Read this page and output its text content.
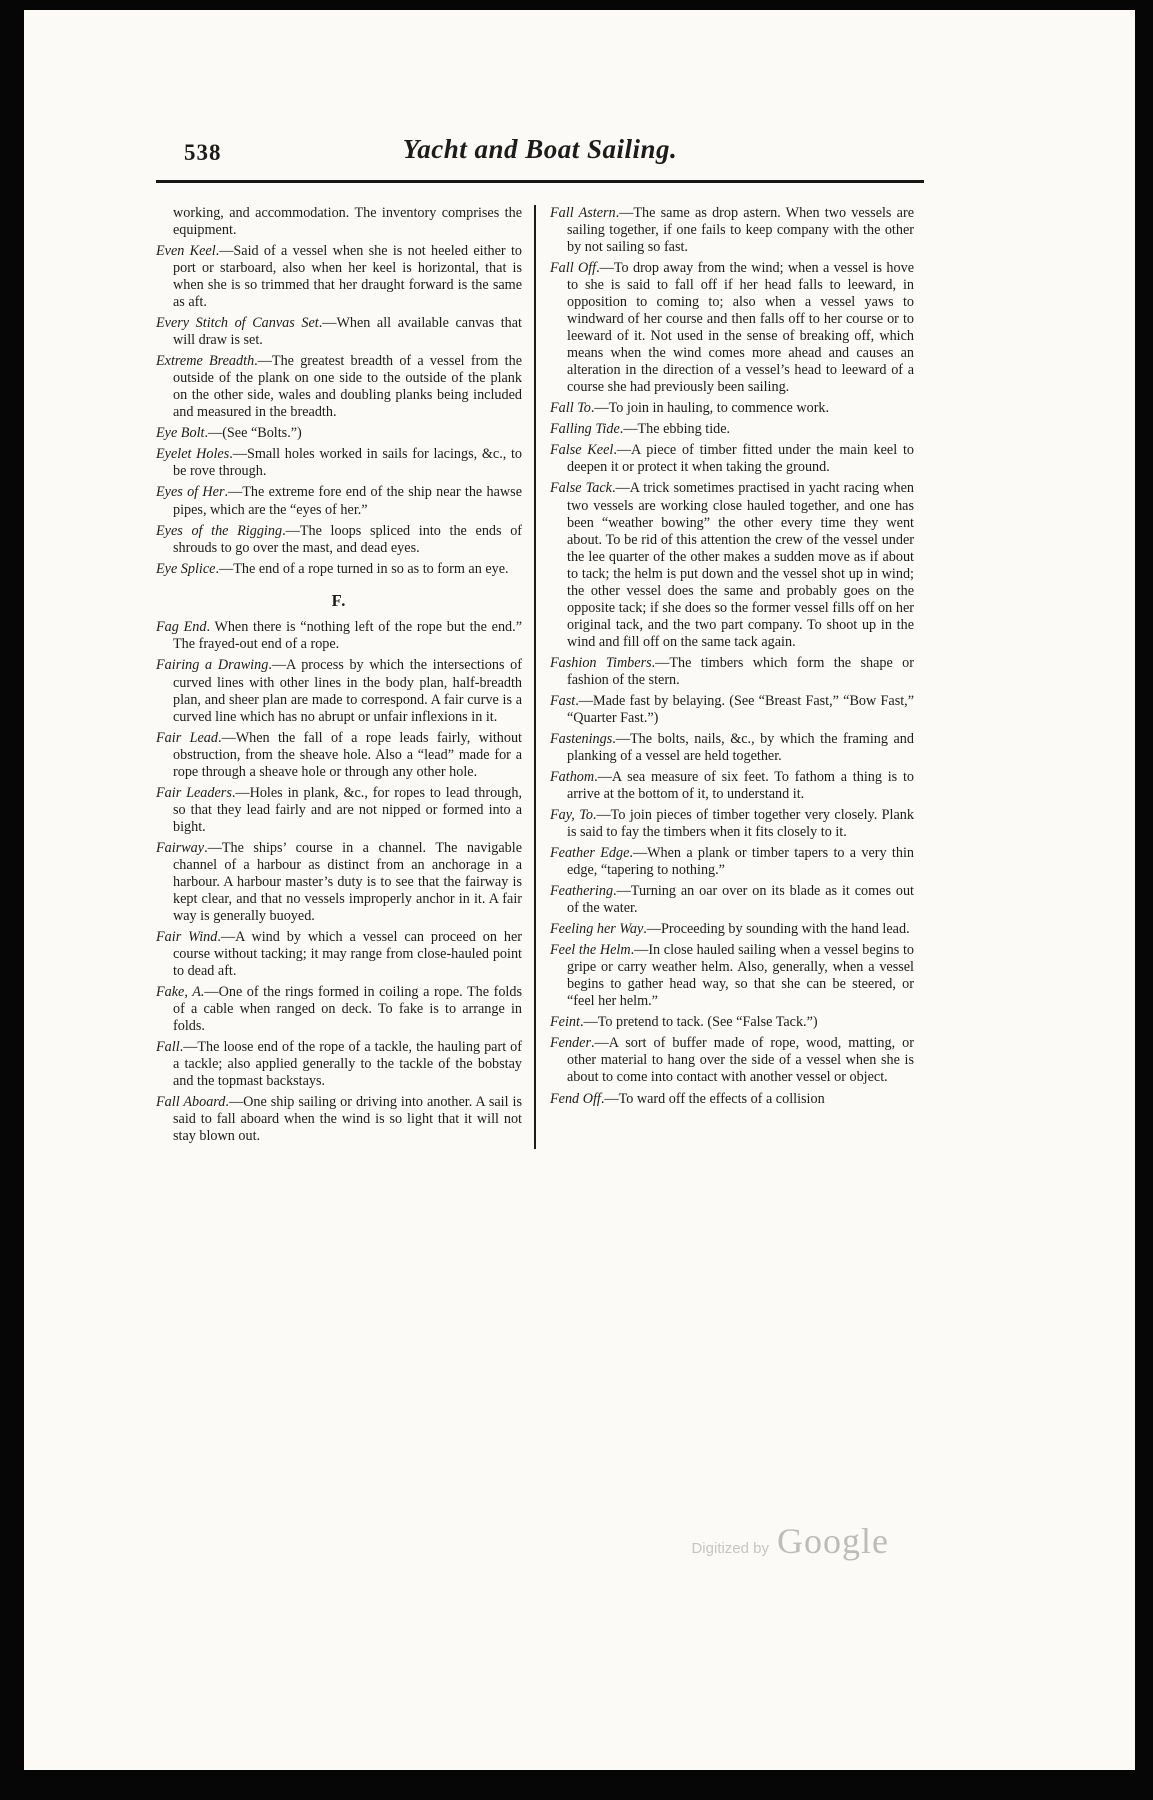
538	Yacht and Boat Sailing.
working, and accommodation. The inventory comprises the equipment.
Even Keel.—Said of a vessel when she is not heeled either to port or starboard, also when her keel is horizontal, that is when she is so trimmed that her draught forward is the same as aft.
Every Stitch of Canvas Set.—When all available canvas that will draw is set.
Extreme Breadth.—The greatest breadth of a vessel from the outside of the plank on one side to the outside of the plank on the other side, wales and doubling planks being included and measured in the breadth.
Eye Bolt.—(See “Bolts.”)
Eyelet Holes.—Small holes worked in sails for lacings, &c., to be rove through.
Eyes of Her.—The extreme fore end of the ship near the hawse pipes, which are the “eyes of her.”
Eyes of the Rigging.—The loops spliced into the ends of shrouds to go over the mast, and dead eyes.
Eye Splice.—The end of a rope turned in so as to form an eye.
F.
Fag End. When there is “nothing left of the rope but the end.” The frayed-out end of a rope.
Fairing a Drawing.—A process by which the intersections of curved lines with other lines in the body plan, half-breadth plan, and sheer plan are made to correspond. A fair curve is a curved line which has no abrupt or unfair inflexions in it.
Fair Lead.—When the fall of a rope leads fairly, without obstruction, from the sheave hole. Also a “lead” made for a rope through a sheave hole or through any other hole.
Fair Leaders.—Holes in plank, &c., for ropes to lead through, so that they lead fairly and are not nipped or formed into a bight.
Fairway.—The ships’ course in a channel. The navigable channel of a harbour as distinct from an anchorage in a harbour. A harbour master’s duty is to see that the fairway is kept clear, and that no vessels improperly anchor in it. A fair way is generally buoyed.
Fair Wind.—A wind by which a vessel can proceed on her course without tacking; it may range from close-hauled point to dead aft.
Fake, A.—One of the rings formed in coiling a rope. The folds of a cable when ranged on deck. To fake is to arrange in folds.
Fall.—The loose end of the rope of a tackle, the hauling part of a tackle; also applied generally to the tackle of the bobstay and the topmast backstays.
Fall Aboard.—One ship sailing or driving into another. A sail is said to fall aboard when the wind is so light that it will not stay blown out.
Fall Astern.—The same as drop astern. When two vessels are sailing together, if one fails to keep company with the other by not sailing so fast.
Fall Off.—To drop away from the wind; when a vessel is hove to she is said to fall off if her head falls to leeward, in opposition to coming to; also when a vessel yaws to windward of her course and then falls off to her course or to leeward of it. Not used in the sense of breaking off, which means when the wind comes more ahead and causes an alteration in the direction of a vessel’s head to leeward of a course she had previously been sailing.
Fall To.—To join in hauling, to commence work.
Falling Tide.—The ebbing tide.
False Keel.—A piece of timber fitted under the main keel to deepen it or protect it when taking the ground.
False Tack.—A trick sometimes practised in yacht racing when two vessels are working close hauled together, and one has been “weather bowing” the other every time they went about. To be rid of this attention the crew of the vessel under the lee quarter of the other makes a sudden move as if about to tack; the helm is put down and the vessel shot up in wind; the other vessel does the same and probably goes on the opposite tack; if she does so the former vessel fills off on her original tack, and the two part company. To shoot up in the wind and fill off on the same tack again.
Fashion Timbers.—The timbers which form the shape or fashion of the stern.
Fast.—Made fast by belaying. (See “Breast Fast,” “Bow Fast,” “Quarter Fast.”)
Fastenings.—The bolts, nails, &c., by which the framing and planking of a vessel are held together.
Fathom.—A sea measure of six feet. To fathom a thing is to arrive at the bottom of it, to understand it.
Fay, To.—To join pieces of timber together very closely. Plank is said to fay the timbers when it fits closely to it.
Feather Edge.—When a plank or timber tapers to a very thin edge, “tapering to nothing.”
Feathering.—Turning an oar over on its blade as it comes out of the water.
Feeling her Way.—Proceeding by sounding with the hand lead.
Feel the Helm.—In close hauled sailing when a vessel begins to gripe or carry weather helm. Also, generally, when a vessel begins to gather head way, so that she can be steered, or “feel her helm.”
Feint.—To pretend to tack. (See “False Tack.”)
Fender.—A sort of buffer made of rope, wood, matting, or other material to hang over the side of a vessel when she is about to come into contact with another vessel or object.
Fend Off.—To ward off the effects of a collision
Digitized by Google
